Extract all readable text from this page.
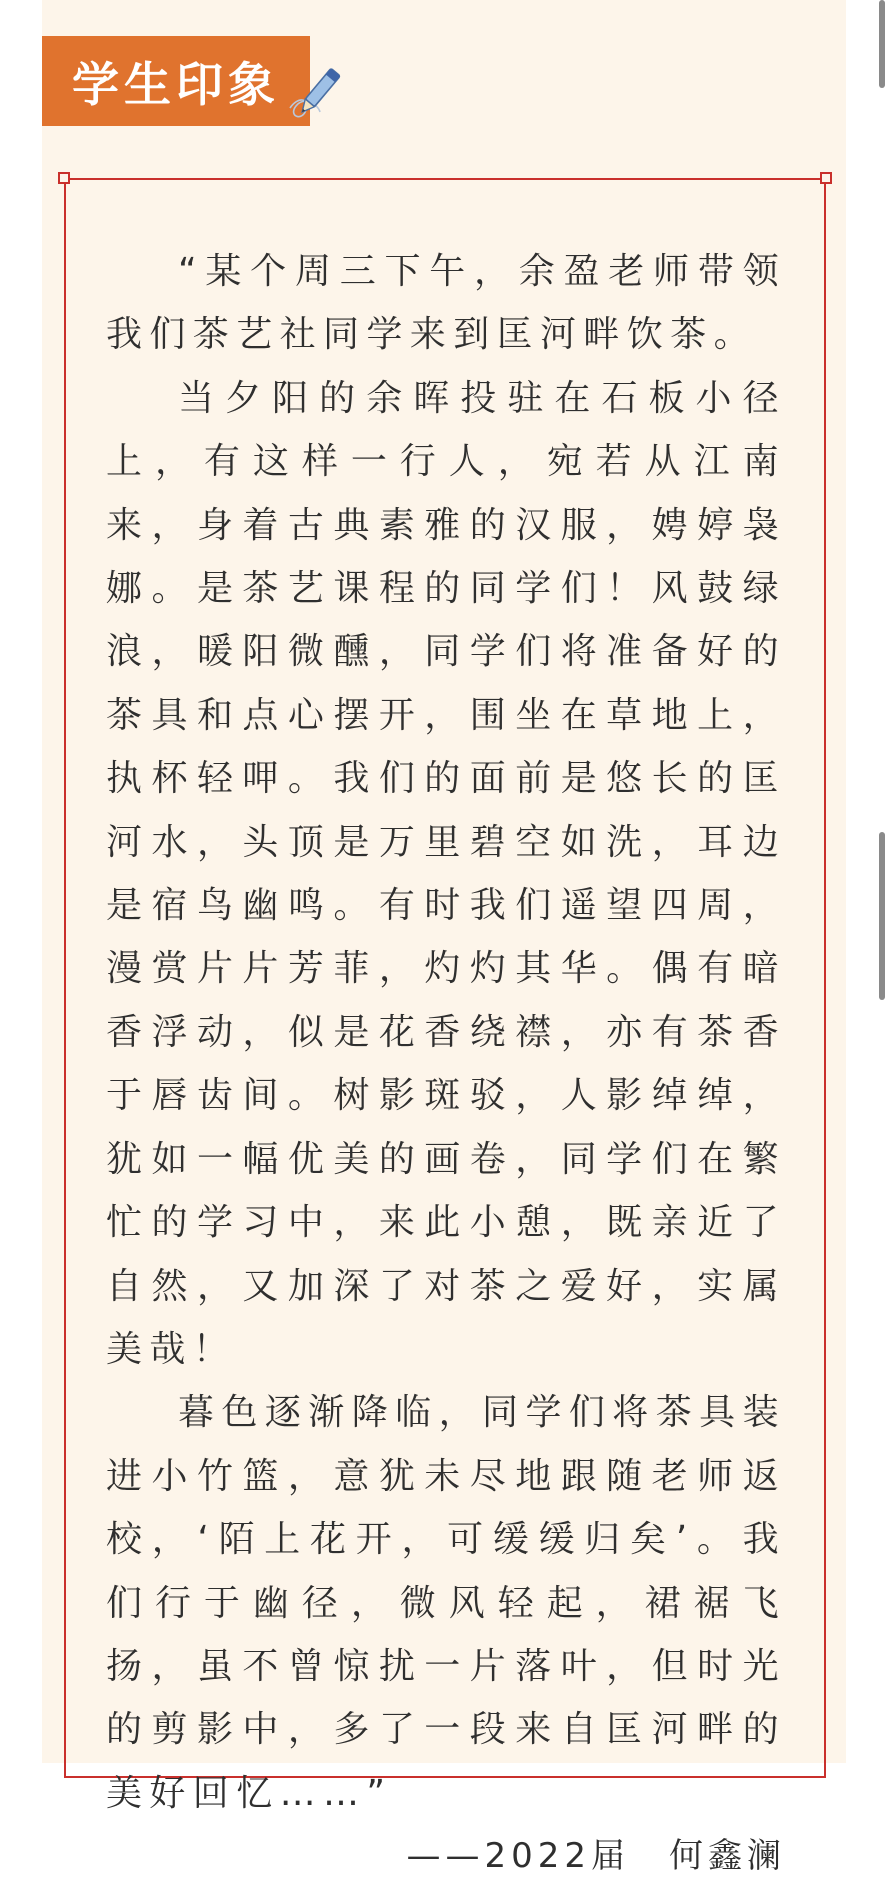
学生印象

“某个周三下午，余盈老师带领我们茶艺社同学来到匡河畔饮茶。

当夕阳的余晖投驻在石板小径上，有这样一行人，宛若从江南来，身着古典素雅的汉服，娉婷袅娜。是茶艺课程的同学们！风鼓绿浪，暖阳微醺，同学们将准备好的茶具和点心摆开，围坐在草地上，执杯轻呷。我们的面前是悠长的匡河水，头顶是万里碧空如洗，耳边是宿鸟幽鸣。有时我们遥望四周，漫赏片片芳菲，灼灼其华。偶有暗香浮动，似是花香绕襟，亦有茶香于唇齿间。树影斑驳，人影绰绰，犹如一幅优美的画卷，同学们在繁忙的学习中，来此小憩，既亲近了自然，又加深了对茶之爱好，实属美哉！

暮色逐渐降临，同学们将茶具装进小竹篮，意犹未尽地跟随老师返校，‘陌上花开，可缓缓归矣’。我们行于幽径，微风轻起，裙裾飞扬，虽不曾惊扰一片落叶，但时光的剪影中，多了一段来自匡河畔的美好回忆……”

——2022届　何鑫澜
